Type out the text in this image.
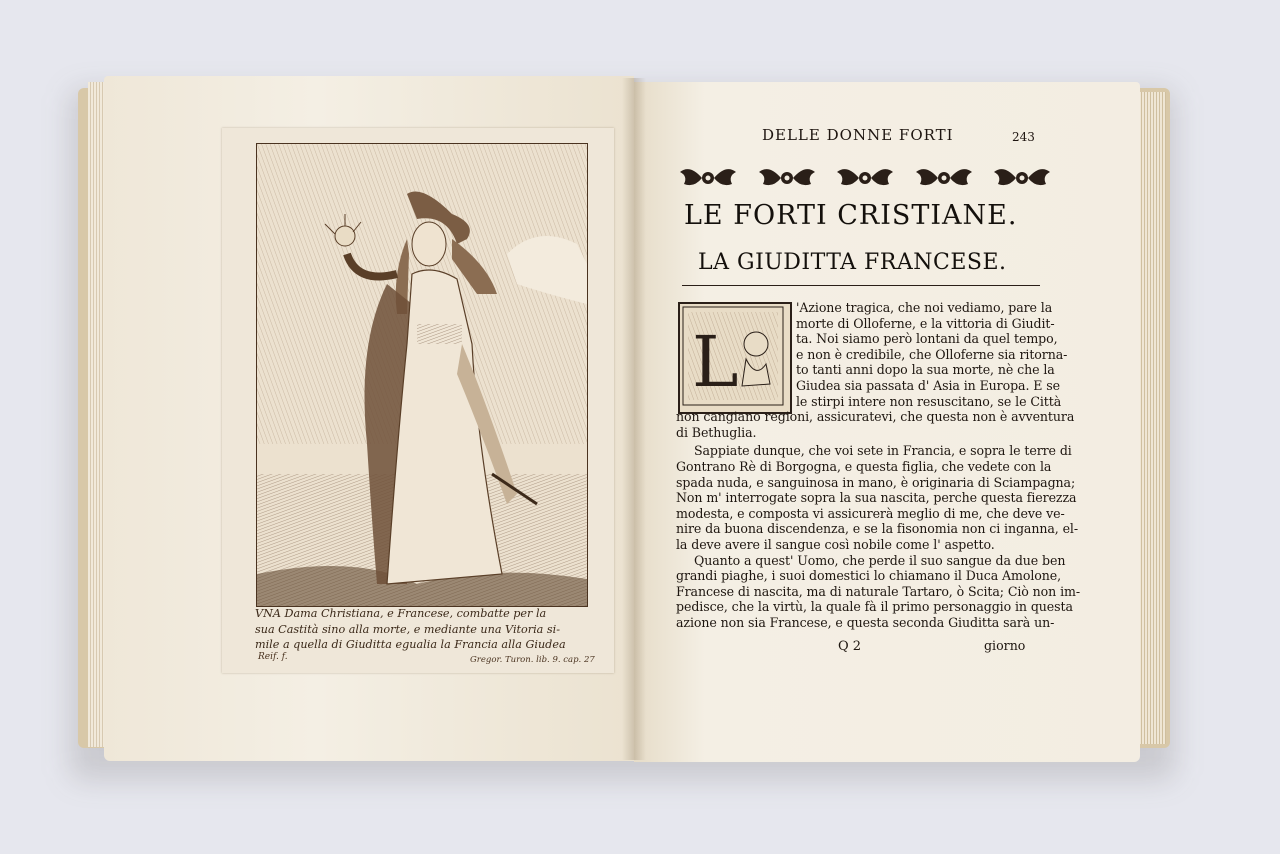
VNA Dama Christiana, e Francese, combatte per la
sua Castità sino alla morte, e mediante una Vitoria si-
mile a quella di Giuditta egualia la Francia alla Giudea
Reif. f.	Gregor. Turon. lib. 9. cap. 27
DELLE DONNE FORTI	243
LE FORTI CRISTIANE.
LA GIUDITTA FRANCESE.
L
'Azione tragica, che noi vediamo, pare la
morte di Olloferne, e la vittoria di Giudit-
ta. Noi siamo però lontani da quel tempo,
e non è credibile, che Olloferne sia ritorna-
to tanti anni dopo la sua morte, nè che la
Giudea sia passata d' Asia in Europa. E se
le stirpi intere non resuscitano, se le Città
non cangiano regioni, assicuratevi, che questa non è avventura
di Bethuglia.
Sappiate dunque, che voi sete in Francia, e sopra le terre di
Gontrano Rè di Borgogna, e questa figlia, che vedete con la
spada nuda, e sanguinosa in mano, è originaria di Sciampagna;
Non m' interrogate sopra la sua nascita, perche questa fierezza
modesta, e composta vi assicurerà meglio di me, che deve ve-
nire da buona discendenza, e se la fisonomia non ci inganna, el-
la deve avere il sangue così nobile come l' aspetto.
Quanto a quest' Uomo, che perde il suo sangue da due ben
grandi piaghe, i suoi domestici lo chiamano il Duca Amolone,
Francese di nascita, ma di naturale Tartaro, ò Scita; Ciò non im-
pedisce, che la virtù, la quale fà il primo personaggio in questa
azione non sia Francese, e questa seconda Giuditta sarà un-
Q 2	giorno
